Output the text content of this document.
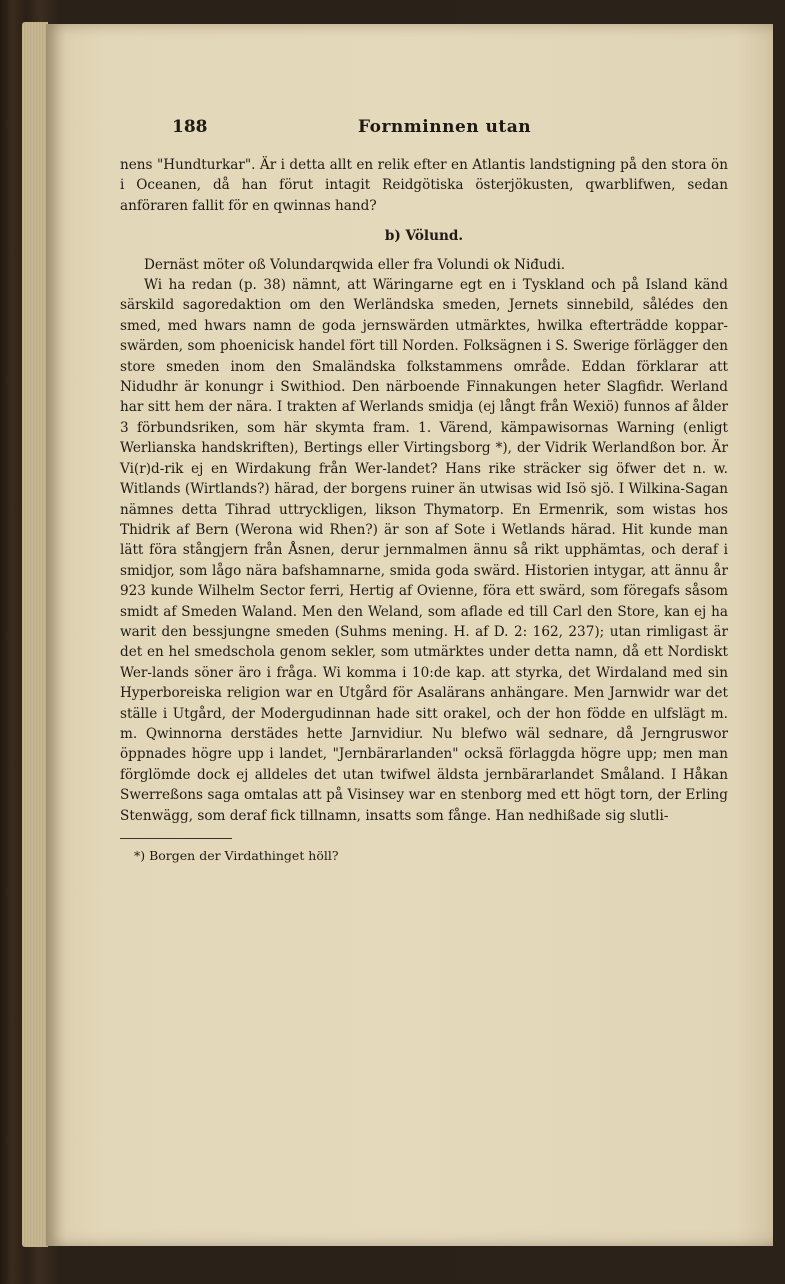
188	Fornminnen utan

nens "Hundturkar". Är i detta allt en relik efter en Atlantis landstigning på den stora ön i Oceanen, då han förut intagit Reidgötiska österjökusten, qwarblifwen, sedan anföraren fallit för en qwinnas hand?

b) Völund.

Dernäst möter oß Volundarqwida eller fra Volundi ok Niđudi.

Wi ha redan (p. 38) nämnt, att Wäringarne egt en i Tyskland och på Island känd särskild sagoredaktion om den Werländska smeden, Jernets sinnebild, sålédes den smed, med hwars namn de goda jernswärden utmärktes, hwilka efterträdde koppar-swärden, som phoenicisk handel fört till Norden. Folksägnen i S. Swerige förlägger den store smeden inom den Smaländska folkstammens område. Eddan förklarar att Nidudhr är konungr i Swithiod. Den närboende Finnakungen heter Slagfidr. Werland har sitt hem der nära. I trakten af Werlands smidja (ej långt från Wexiö) funnos af ålder 3 förbundsriken, som här skymta fram. 1. Värend, kämpawisornas Warning (enligt Werlianska handskriften), Bertings eller Virtingsborg *), der Vidrik Werlandßon bor. Är Vi(r)d-rik ej en Wirdakung från Wer-landet? Hans rike sträcker sig öfwer det n. w. Witlands (Wirtlands?) härad, der borgens ruiner än utwisas wid Isö sjö. I Wilkina-Sagan nämnes detta Tihrad uttryckligen, likson Thymatorp. En Ermenrik, som wistas hos Thidrik af Bern (Werona wid Rhen?) är son af Sote i Wetlands härad. Hit kunde man lätt föra stångjern från Åsnen, derur jernmalmen ännu så rikt upphämtas, och deraf i smidjor, som lågo nära bafshamnarne, smida goda swärd. Historien intygar, att ännu år 923 kunde Wilhelm Sector ferri, Hertig af Ovienne, föra ett swärd, som föregafs såsom smidt af Smeden Waland. Men den Weland, som aflade ed till Carl den Store, kan ej ha warit den bessjungne smeden (Suhms mening. H. af D. 2: 162, 237); utan rimligast är det en hel smedschola genom sekler, som utmärktes under detta namn, då ett Nordiskt Wer-lands söner äro i fråga. Wi komma i 10:de kap. att styrka, det Wirdaland med sin Hyperboreiska religion war en Utgård för Asalärans anhängare. Men Jarnwidr war det ställe i Utgård, der Modergudinnan hade sitt orakel, och der hon födde en ulfslägt m. m. Qwinnorna derstädes hette Jarnvidiur. Nu blefwo wäl sednare, då Jerngruswor öppnades högre upp i landet, "Jernbärarlanden" ocksä förlaggda högre upp; men man förglömde dock ej alldeles det utan twifwel äldsta jernbärarlandet Småland. I Håkan Swerreßons saga omtalas att på Visinsey war en stenborg med ett högt torn, der Erling Stenwägg, som deraf fick tillnamn, insatts som fånge. Han nedhißade sig slutli-

*) Borgen der Virdathinget höll?
